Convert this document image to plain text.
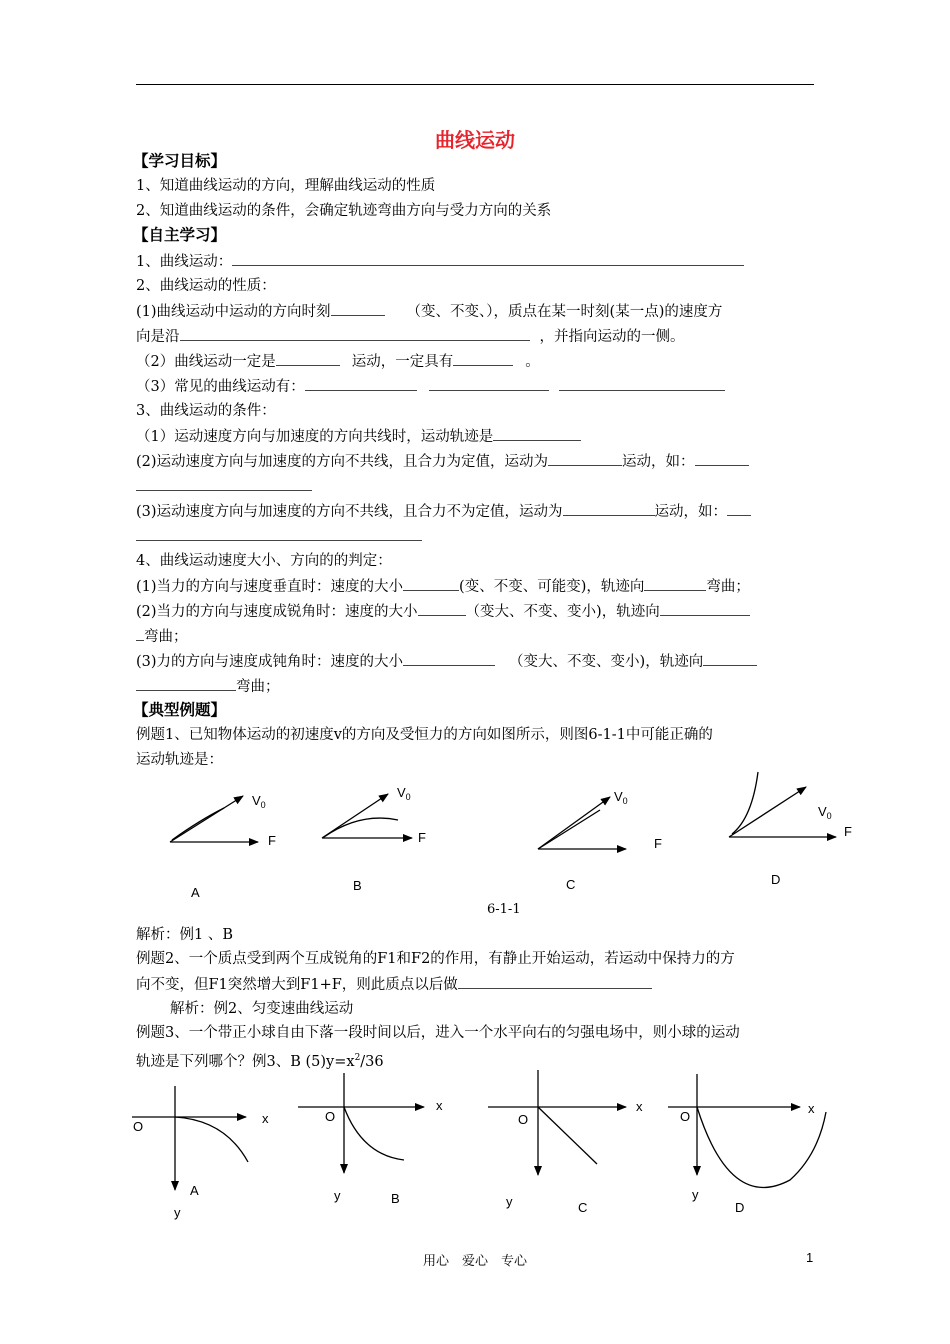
曲线运动
【学习目标】
1、知道曲线运动的方向，理解曲线运动的性质
2、知道曲线运动的条件，会确定轨迹弯曲方向与受力方向的关系
【自主学习】
1、曲线运动：
2、曲线运动的性质：
(1)曲线运动中运动的方向时刻	（变、不变、），质点在某一时刻(某一点)的速度方
向是沿	，并指向运动的一侧。
（2）曲线运动一定是	运动，一定具有	。
（3）常见的曲线运动有：
3、曲线运动的条件：
（1）运动速度方向与加速度的方向共线时，运动轨迹是
(2)运动速度方向与加速度的方向不共线，且合力为定值，运动为	运动，如：
(3)运动速度方向与加速度的方向不共线，且合力不为定值，运动为	运动，如：
4、曲线运动速度大小、方向的的判定：
(1)当力的方向与速度垂直时：速度的大小	(变、不变、可能变)，轨迹向	弯曲；
(2)当力的方向与速度成锐角时：速度的大小	（变大、不变、变小)，轨迹向
弯曲；
(3)力的方向与速度成钝角时：速度的大小	（变大、不变、变小)，轨迹向
弯曲；
【典型例题】
例题1、已知物体运动的初速度v的方向及受恒力的方向如图所示，则图6-1-1中可能正确的
运动轨迹是：
$V_0$
F
A
$V_0$
F
B
$V_0$
F
C
$V_0$
F
D
6-1-1
解析：例1 、B
例题2、一个质点受到两个互成锐角的F1和F2的作用，有静止开始运动，若运动中保持力的方
向不变，但F1突然增大到F1+F，则此质点以后做
解析：例2、匀变速曲线运动
例题3、一个带正小球自由下落一段时间以后，进入一个水平向右的匀强电场中，则小球的运动
轨迹是下列哪个？例3、B $(5)y=x^2/36$
O
x
y
A
O
x
y	B
O
x
y	C
O
x
y
D
用心　爱心　专心	1
